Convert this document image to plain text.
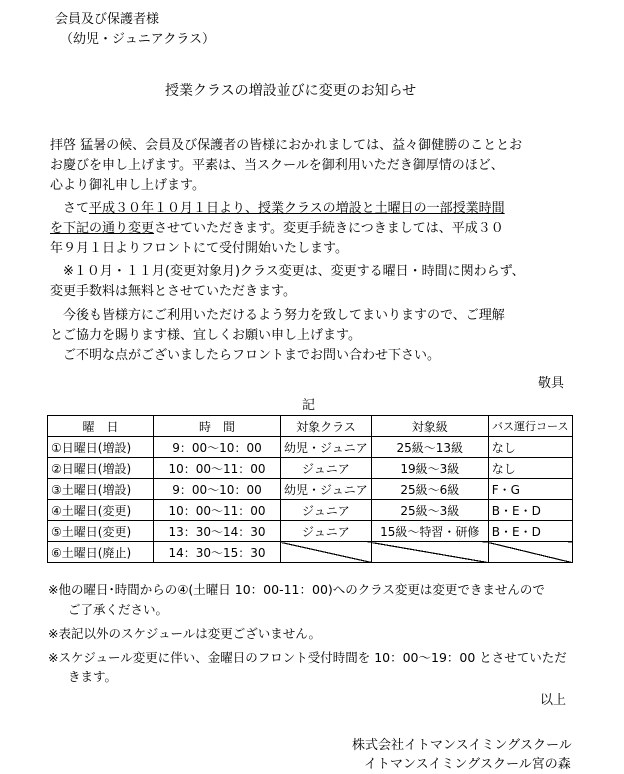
会員及び保護者様
（幼児・ジュニアクラス）
授業クラスの増設並びに変更のお知らせ
拝啓 猛暑の候、会員及び保護者の皆様におかれましては、益々御健勝のこととお
お慶びを申し上げます。平素は、当スクールを御利用いただき御厚情のほど、
心より御礼申し上げます。
　さて平成３０年１０月１日より、授業クラスの増設と土曜日の一部授業時間
を下記の通り変更させていただきます。変更手続きにつきましては、平成３０
年９月１日よりフロントにて受付開始いたします。
　※１０月・１１月(変更対象月)クラス変更は、変更する曜日・時間に関わらず、
変更手数料は無料とさせていただきます。
　今後も皆様方にご利用いただけるよう努力を致してまいりますので、ご理解
とご協力を賜ります様、宜しくお願い申し上げます。
　ご不明な点がございましたらフロントまでお問い合わせ下さい。
敬具
記
曜　日	時　間	対象クラス	対象級	バス運行コース
①日曜日(増設)	9：00〜10：00	幼児・ジュニア	25級〜13級	なし
②日曜日(増設)	10：00〜11：00	ジュニア	19級〜3級	なし
③土曜日(増設)	9：00〜10：00	幼児・ジュニア	25級〜6級	F・G
④土曜日(変更)	10：00〜11：00	ジュニア	25級〜3級	B・E・D
⑤土曜日(変更)	13：30〜14：30	ジュニア	15級〜特習・研修	B・E・D
⑥土曜日(廃止)	14：30〜15：30			
※他の曜日･時間からの④(土曜日 10：00-11：00)へのクラス変更は変更できませんので
ご了承ください。
※表記以外のスケジュールは変更ございません。
※スケジュール変更に伴い、金曜日のフロント受付時間を 10：00〜19：00 とさせていただ
きます。
以上
株式会社イトマンスイミングスクール
イトマンスイミングスクール宮の森
